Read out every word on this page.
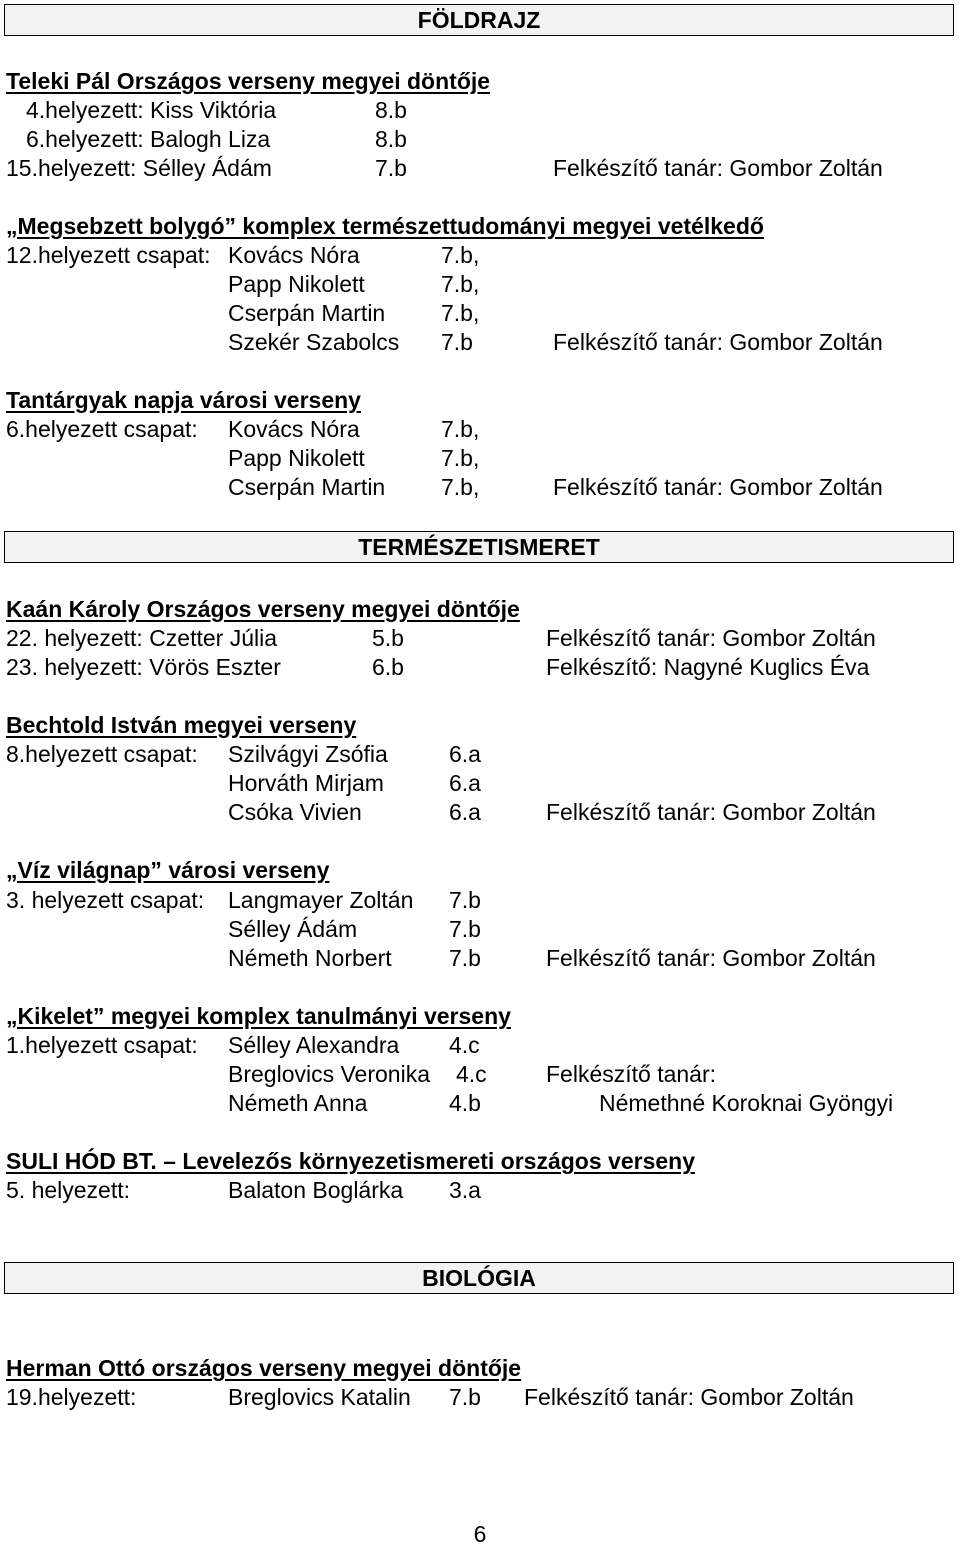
FÖLDRAJZ
Teleki Pál Országos verseny megyei döntője
4.helyezett: Kiss Viktória	8.b
6.helyezett: Balogh Liza	8.b
15.helyezett: Sélley Ádám	7.b	Felkészítő tanár: Gombor Zoltán
„Megsebzett bolygó” komplex természettudományi megyei vetélkedő
12.helyezett csapat: Kovács Nóra	7.b,
Papp Nikolett	7.b,
Cserpán Martin 7.b,
Szekér Szabolcs 7.b	Felkészítő tanár: Gombor Zoltán
Tantárgyak napja városi verseny
6.helyezett csapat: Kovács Nóra	7.b,
Papp Nikolett	7.b,
Cserpán Martin 7.b,	Felkészítő tanár: Gombor Zoltán
TERMÉSZETISMERET
Kaán Károly Országos verseny megyei döntője
22. helyezett: Czetter Júlia	5.b	Felkészítő tanár: Gombor Zoltán
23. helyezett: Vörös Eszter	6.b	Felkészítő: Nagyné Kuglics Éva
Bechtold István megyei verseny
8.helyezett csapat: Szilvágyi Zsófia	6.a
Horváth Mirjam	6.a
Csóka Vivien	6.a	Felkészítő tanár: Gombor Zoltán
„Víz világnap” városi verseny
3. helyezett csapat: Langmayer Zoltán 7.b
Sélley Ádám	7.b
Németh Norbert 7.b	Felkészítő tanár: Gombor Zoltán
„Kikelet” megyei komplex tanulmányi verseny
1.helyezett csapat: Sélley Alexandra 4.c
Breglovics Veronika 4.c	Felkészítő tanár:
Németh Anna	4.b	Némethné Koroknai Gyöngyi
SULI HÓD BT. – Levelezős környezetismereti országos verseny
5. helyezett:	Balaton Boglárka 3.a
BIOLÓGIA
Herman Ottó országos verseny megyei döntője
19.helyezett:	Breglovics Katalin 7.b Felkészítő tanár: Gombor Zoltán
6
